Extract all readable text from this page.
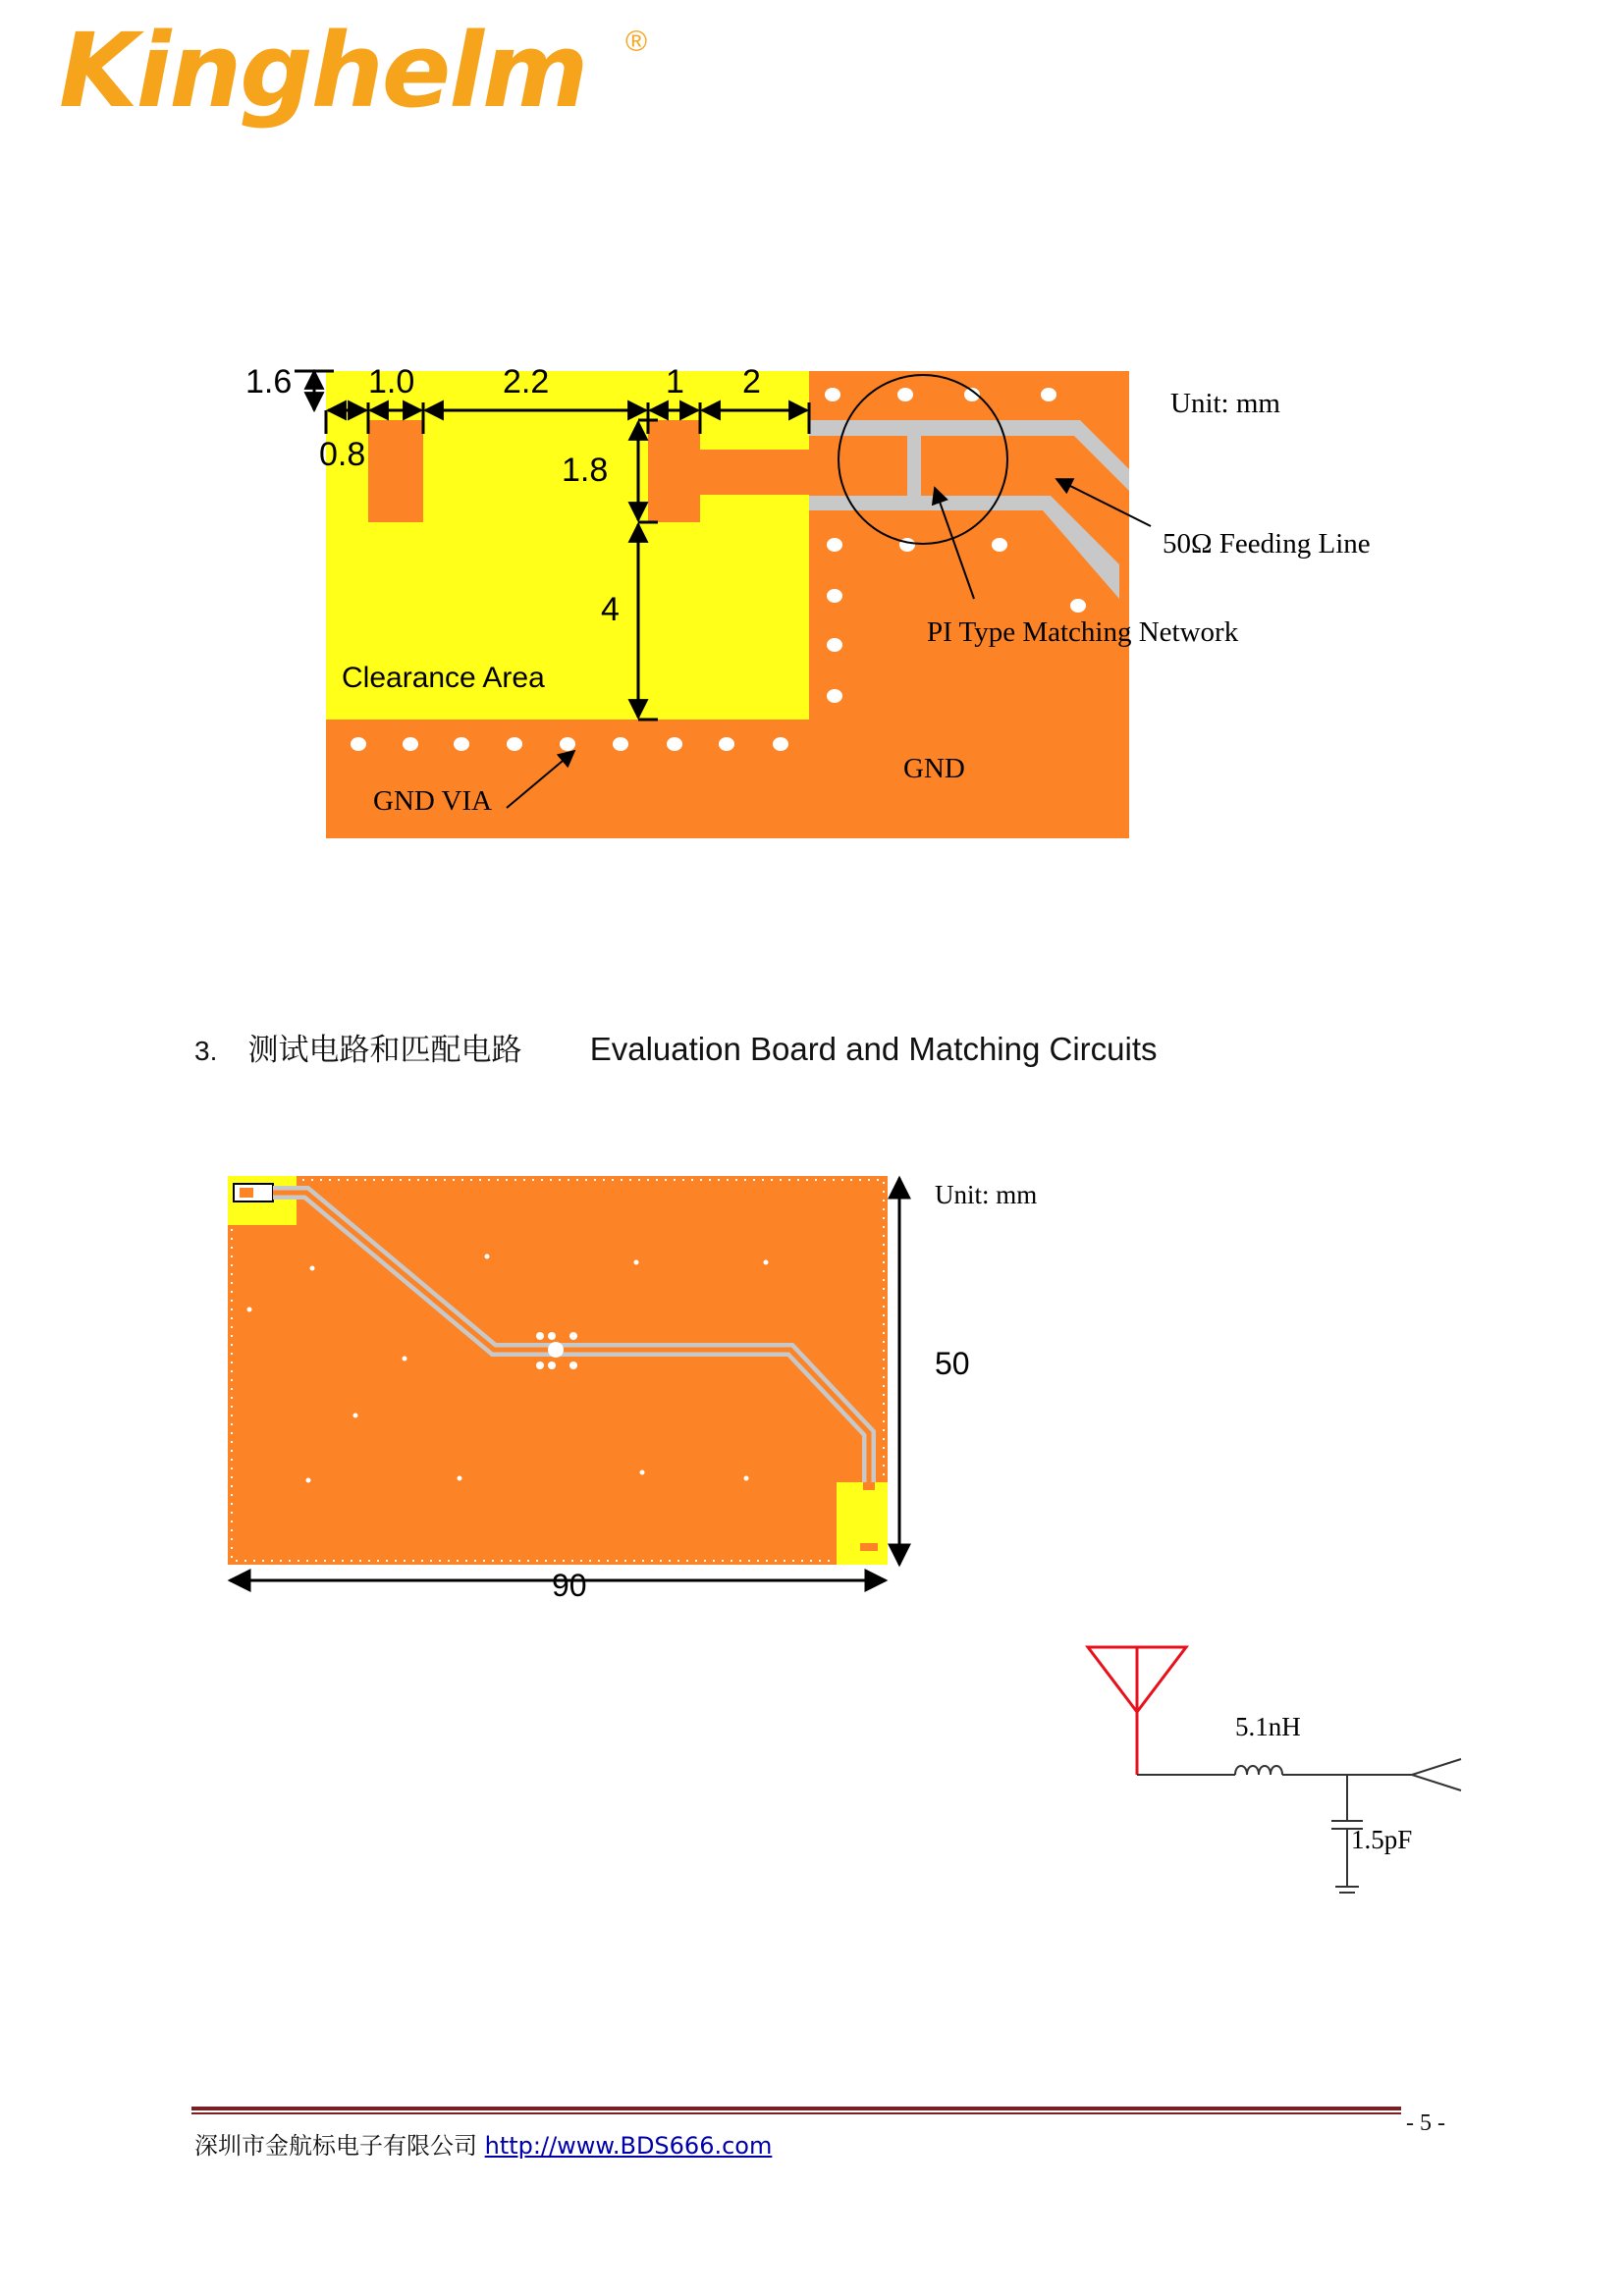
Kinghelm ®
1.6 1.0	2.2	1 2
0.8	1.8
4
Unit: mm
50Ω Feeding Line
PI Type Matching Network
Clearance Area
GND VIA
GND
3. 测试电路和匹配电路 Evaluation Board and Matching Circuits
Unit: mm
50
90
5.1nH
1.5pF
深圳市金航标电子有限公司 http://www.BDS666.com
- 5 -
